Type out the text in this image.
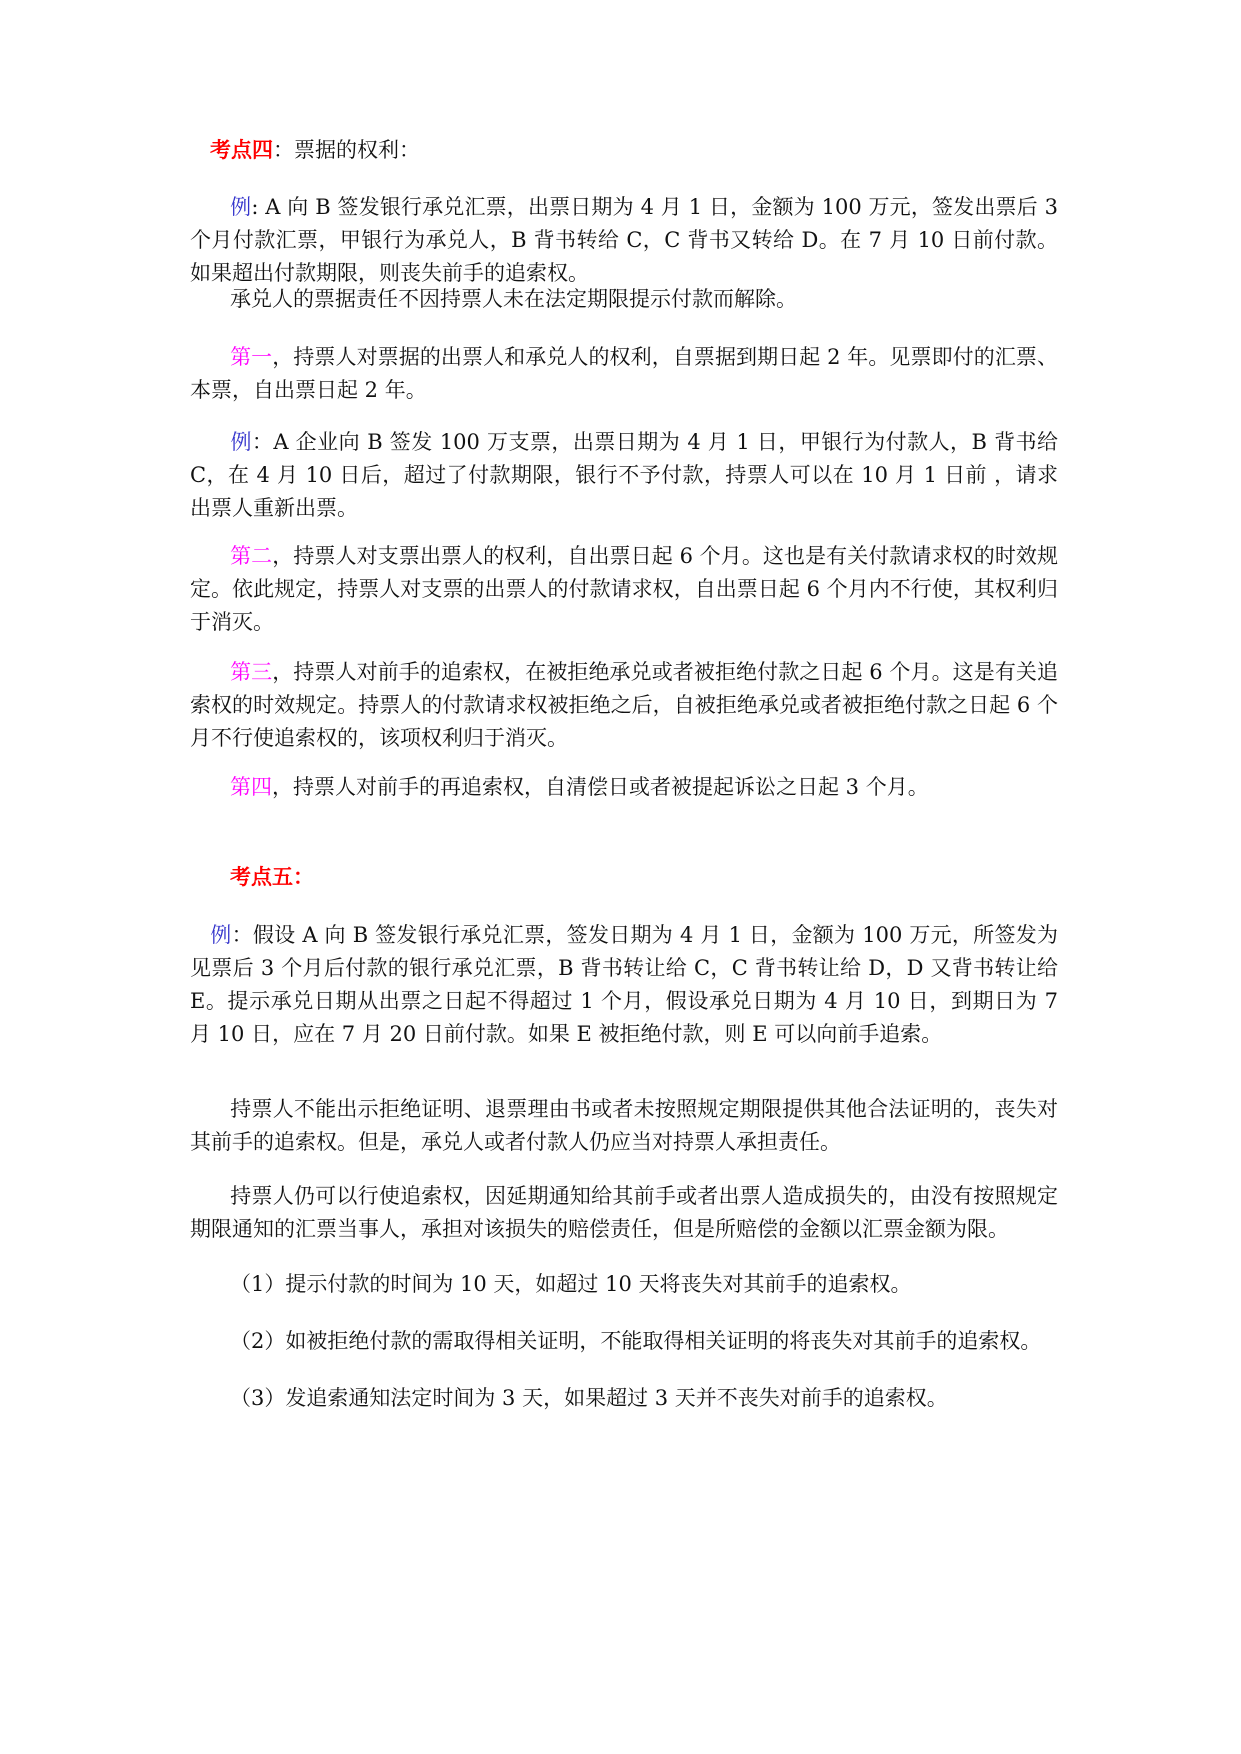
考点四：票据的权利：
例: A 向 B 签发银行承兑汇票，出票日期为 4 月 1 日，金额为 100 万元，签发出票后 3 个月付款汇票，甲银行为承兑人，B 背书转给 C，C 背书又转给 D。在 7 月 10 日前付款。如果超出付款期限，则丧失前手的追索权。
承兑人的票据责任不因持票人未在法定期限提示付款而解除。
第一，持票人对票据的出票人和承兑人的权利，自票据到期日起 2 年。见票即付的汇票、本票，自出票日起 2 年。
例：A 企业向 B 签发 100 万支票，出票日期为 4 月 1 日，甲银行为付款人，B 背书给 C，在 4 月 10 日后，超过了付款期限，银行不予付款，持票人可以在 10 月 1 日前 ，请求出票人重新出票。
第二，持票人对支票出票人的权利，自出票日起 6 个月。这也是有关付款请求权的时效规定。依此规定，持票人对支票的出票人的付款请求权，自出票日起 6 个月内不行使，其权利归于消灭。
第三，持票人对前手的追索权，在被拒绝承兑或者被拒绝付款之日起 6 个月。这是有关追索权的时效规定。持票人的付款请求权被拒绝之后，自被拒绝承兑或者被拒绝付款之日起 6 个月不行使追索权的，该项权利归于消灭。
第四，持票人对前手的再追索权，自清偿日或者被提起诉讼之日起 3 个月。
考点五：
例：假设 A 向 B 签发银行承兑汇票，签发日期为 4 月 1 日，金额为 100 万元，所签发为见票后 3 个月后付款的银行承兑汇票，B 背书转让给 C，C 背书转让给 D，D 又背书转让给 E。提示承兑日期从出票之日起不得超过 1 个月，假设承兑日期为 4 月 10 日，到期日为 7 月 10 日，应在 7 月 20 日前付款。如果 E 被拒绝付款，则 E 可以向前手追索。
持票人不能出示拒绝证明、退票理由书或者未按照规定期限提供其他合法证明的，丧失对其前手的追索权。但是，承兑人或者付款人仍应当对持票人承担责任。
持票人仍可以行使追索权，因延期通知给其前手或者出票人造成损失的，由没有按照规定期限通知的汇票当事人，承担对该损失的赔偿责任，但是所赔偿的金额以汇票金额为限。
（1）提示付款的时间为 10 天，如超过 10 天将丧失对其前手的追索权。
（2）如被拒绝付款的需取得相关证明，不能取得相关证明的将丧失对其前手的追索权。
（3）发追索通知法定时间为 3 天，如果超过 3 天并不丧失对前手的追索权。
